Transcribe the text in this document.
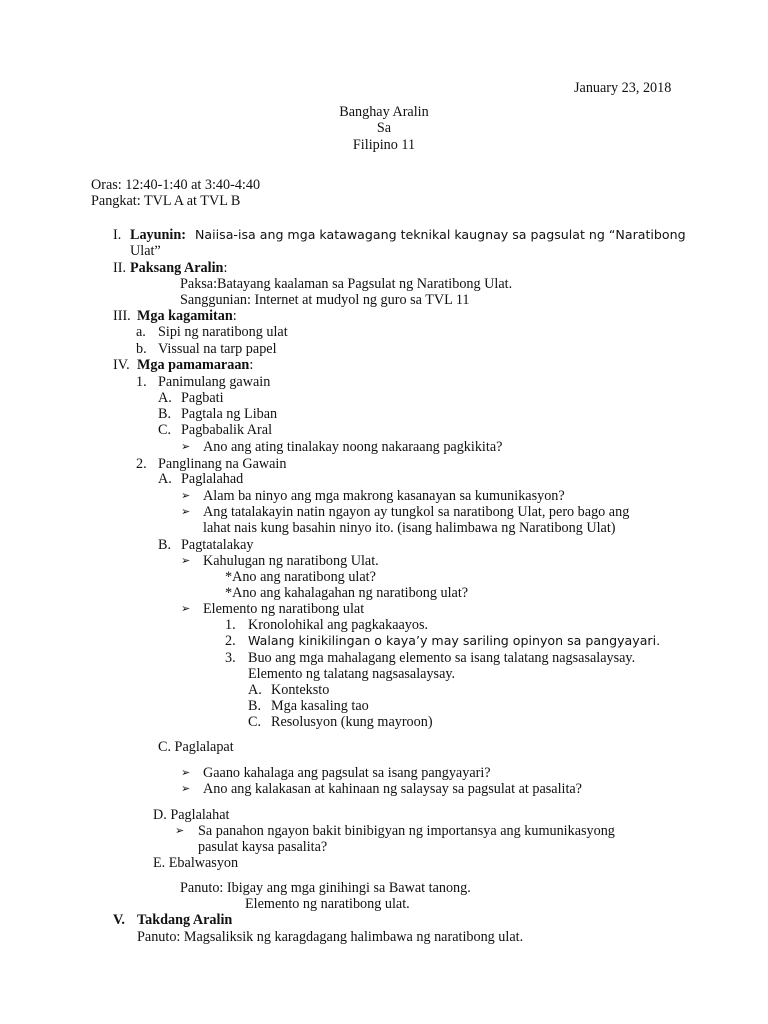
January 23, 2018
Banghay Aralin
Sa
Filipino 11
Oras: 12:40-1:40 at 3:40-4:40
Pangkat: TVL A at TVL B
I. Layunin: Naiisa-isa ang mga katawagang teknikal kaugnay sa pagsulat ng “Naratibong
Ulat”
II. Paksang Aralin:
Paksa:Batayang kaalaman sa Pagsulat ng Naratibong Ulat.
Sanggunian: Internet at mudyol ng guro sa TVL 11
III. Mga kagamitan:
a. Sipi ng naratibong ulat
b. Vissual na tarp papel
IV. Mga pamamaraan:
1. Panimulang gawain
A. Pagbati
B. Pagtala ng Liban
C. Pagbabalik Aral
➢ Ano ang ating tinalakay noong nakaraang pagkikita?
2. Panglinang na Gawain
A. Paglalahad
➢ Alam ba ninyo ang mga makrong kasanayan sa kumunikasyon?
➢ Ang tatalakayin natin ngayon ay tungkol sa naratibong Ulat, pero bago ang
lahat nais kung basahin ninyo ito. (isang halimbawa ng Naratibong Ulat)
B. Pagtatalakay
➢ Kahulugan ng naratibong Ulat.
*Ano ang naratibong ulat?
*Ano ang kahalagahan ng naratibong ulat?
➢ Elemento ng naratibong ulat
1. Kronolohikal ang pagkakaayos.
2. Walang kinikilingan o kaya’y may sariling opinyon sa pangyayari.
3. Buo ang mga mahalagang elemento sa isang talatang nagsasalaysay.
Elemento ng talatang nagsasalaysay.
A. Konteksto
B. Mga kasaling tao
C. Resolusyon (kung mayroon)
C. Paglalapat
➢ Gaano kahalaga ang pagsulat sa isang pangyayari?
➢ Ano ang kalakasan at kahinaan ng salaysay sa pagsulat at pasalita?
D. Paglalahat
➢ Sa panahon ngayon bakit binibigyan ng importansya ang kumunikasyong
pasulat kaysa pasalita?
E. Ebalwasyon
Panuto: Ibigay ang mga ginihingi sa Bawat tanong.
Elemento ng naratibong ulat.
V. Takdang Aralin
Panuto: Magsaliksik ng karagdagang halimbawa ng naratibong ulat.
